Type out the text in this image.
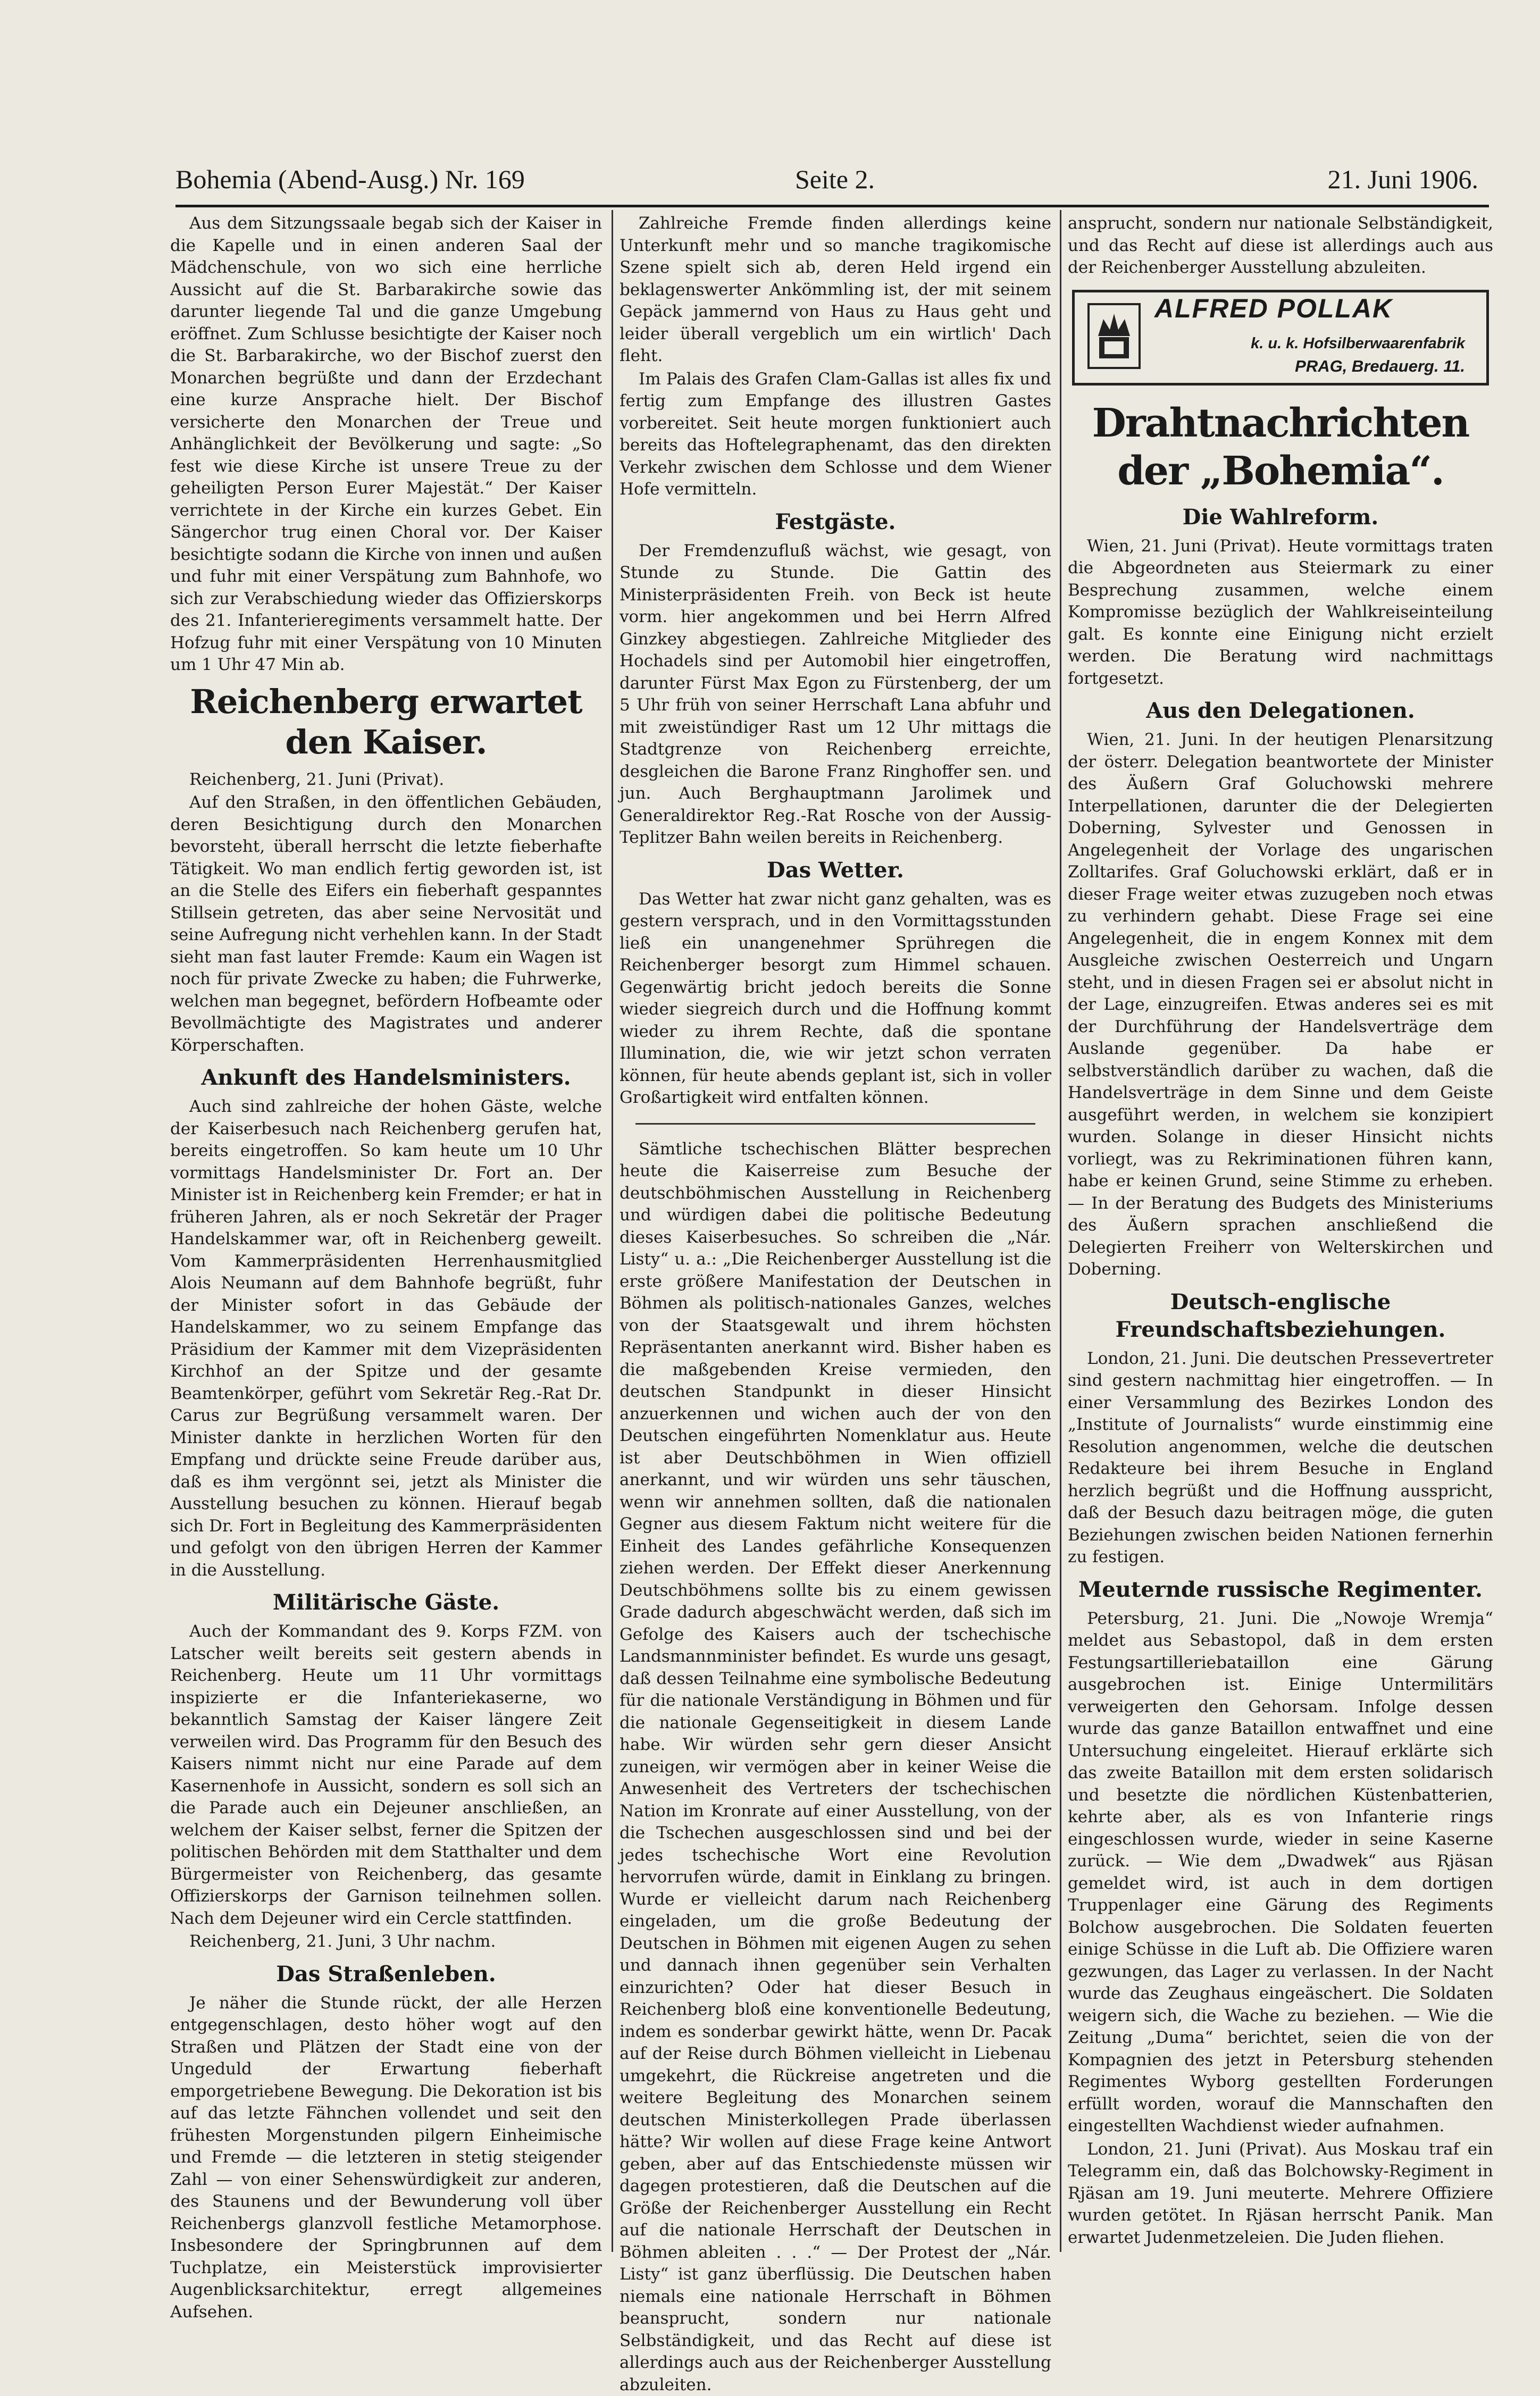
Bohemia (Abend-Ausg.) Nr. 169	Seite 2.	21. Juni 1906.

Aus dem Sitzungssaale begab sich der Kaiser in die Kapelle und in einen anderen Saal der Mädchenschule, von wo sich eine herrliche Aussicht auf die St. Barbarakirche sowie das darunter liegende Tal und die ganze Umgebung eröffnet. Zum Schlusse besichtigte der Kaiser noch die St. Barbarakirche, wo der Bischof zuerst den Monarchen begrüßte und dann der Erzdechant eine kurze Ansprache hielt. Der Bischof versicherte den Monarchen der Treue und Anhänglichkeit der Bevölkerung und sagte: „So fest wie diese Kirche ist unsere Treue zu der geheiligten Person Eurer Majestät.“ Der Kaiser verrichtete in der Kirche ein kurzes Gebet. Ein Sängerchor trug einen Choral vor. Der Kaiser besichtigte sodann die Kirche von innen und außen und fuhr mit einer Verspätung zum Bahnhofe, wo sich zur Verabschiedung wieder das Offizierskorps des 21. Infanterieregiments versammelt hatte. Der Hofzug fuhr mit einer Verspätung von 10 Minuten um 1 Uhr 47 Min ab.

Reichenberg erwartet den Kaiser.

Reichenberg, 21. Juni (Privat).

Auf den Straßen, in den öffentlichen Gebäuden, deren Besichtigung durch den Monarchen bevorsteht, überall herrscht die letzte fieberhafte Tätigkeit. Wo man endlich fertig geworden ist, ist an die Stelle des Eifers ein fieberhaft gespanntes Stillsein getreten, das aber seine Nervosität und seine Aufregung nicht verhehlen kann. In der Stadt sieht man fast lauter Fremde: Kaum ein Wagen ist noch für private Zwecke zu haben; die Fuhrwerke, welchen man begegnet, befördern Hofbeamte oder Bevollmächtigte des Magistrates und anderer Körperschaften.

Ankunft des Handelsministers.

Auch sind zahlreiche der hohen Gäste, welche der Kaiserbesuch nach Reichenberg gerufen hat, bereits eingetroffen. So kam heute um 10 Uhr vormittags Handelsminister Dr. Fort an. Der Minister ist in Reichenberg kein Fremder; er hat in früheren Jahren, als er noch Sekretär der Prager Handelskammer war, oft in Reichenberg geweilt. Vom Kammerpräsidenten Herrenhausmitglied Alois Neumann auf dem Bahnhofe begrüßt, fuhr der Minister sofort in das Gebäude der Handelskammer, wo zu seinem Empfange das Präsidium der Kammer mit dem Vizepräsidenten Kirchhof an der Spitze und der gesamte Beamtenkörper, geführt vom Sekretär Reg.-Rat Dr. Carus zur Begrüßung versammelt waren. Der Minister dankte in herzlichen Worten für den Empfang und drückte seine Freude darüber aus, daß es ihm vergönnt sei, jetzt als Minister die Ausstellung besuchen zu können. Hierauf begab sich Dr. Fort in Begleitung des Kammerpräsidenten und gefolgt von den übrigen Herren der Kammer in die Ausstellung.

Militärische Gäste.

Auch der Kommandant des 9. Korps FZM. von Latscher weilt bereits seit gestern abends in Reichenberg. Heute um 11 Uhr vormittags inspizierte er die Infanteriekaserne, wo bekanntlich Samstag der Kaiser längere Zeit verweilen wird. Das Programm für den Besuch des Kaisers nimmt nicht nur eine Parade auf dem Kasernenhofe in Aussicht, sondern es soll sich an die Parade auch ein Dejeuner anschließen, an welchem der Kaiser selbst, ferner die Spitzen der politischen Behörden mit dem Statthalter und dem Bürgermeister von Reichenberg, das gesamte Offizierskorps der Garnison teilnehmen sollen. Nach dem Dejeuner wird ein Cercle stattfinden.

Reichenberg, 21. Juni, 3 Uhr nachm.

Das Straßenleben.

Je näher die Stunde rückt, der alle Herzen entgegenschlagen, desto höher wogt auf den Straßen und Plätzen der Stadt eine von der Ungeduld der Erwartung fieberhaft emporgetriebene Bewegung. Die Dekoration ist bis auf das letzte Fähnchen vollendet und seit den frühesten Morgenstunden pilgern Einheimische und Fremde — die letzteren in stetig steigender Zahl — von einer Sehenswürdigkeit zur anderen, des Staunens und der Bewunderung voll über Reichenbergs glanzvoll festliche Metamorphose. Insbesondere der Springbrunnen auf dem Tuchplatze, ein Meisterstück improvisierter Augenblicksarchitektur, erregt allgemeines Aufsehen.

Zahlreiche Fremde finden allerdings keine Unterkunft mehr und so manche tragikomische Szene spielt sich ab, deren Held irgend ein beklagenswerter Ankömmling ist, der mit seinem Gepäck jammernd von Haus zu Haus geht und leider überall vergeblich um ein wirtlich' Dach fleht.

Im Palais des Grafen Clam-Gallas ist alles fix und fertig zum Empfange des illustren Gastes vorbereitet. Seit heute morgen funktioniert auch bereits das Hoftelegraphenamt, das den direkten Verkehr zwischen dem Schlosse und dem Wiener Hofe vermitteln.

Festgäste.

Der Fremdenzufluß wächst, wie gesagt, von Stunde zu Stunde. Die Gattin des Ministerpräsidenten Freih. von Beck ist heute vorm. hier angekommen und bei Herrn Alfred Ginzkey abgestiegen. Zahlreiche Mitglieder des Hochadels sind per Automobil hier eingetroffen, darunter Fürst Max Egon zu Fürstenberg, der um 5 Uhr früh von seiner Herrschaft Lana abfuhr und mit zweistündiger Rast um 12 Uhr mittags die Stadtgrenze von Reichenberg erreichte, desgleichen die Barone Franz Ringhoffer sen. und jun. Auch Berghauptmann Jarolimek und Generaldirektor Reg.-Rat Rosche von der Aussig-Teplitzer Bahn weilen bereits in Reichenberg.

Das Wetter.

Das Wetter hat zwar nicht ganz gehalten, was es gestern versprach, und in den Vormittagsstunden ließ ein unangenehmer Sprühregen die Reichenberger besorgt zum Himmel schauen. Gegenwärtig bricht jedoch bereits die Sonne wieder siegreich durch und die Hoffnung kommt wieder zu ihrem Rechte, daß die spontane Illumination, die, wie wir jetzt schon verraten können, für heute abends geplant ist, sich in voller Großartigkeit wird entfalten können.

Sämtliche tschechischen Blätter besprechen heute die Kaiserreise zum Besuche der deutschböhmischen Ausstellung in Reichenberg und würdigen dabei die politische Bedeutung dieses Kaiserbesuches. So schreiben die „Nár. Listy“ u. a.: „Die Reichenberger Ausstellung ist die erste größere Manifestation der Deutschen in Böhmen als politisch-nationales Ganzes, welches von der Staatsgewalt und ihrem höchsten Repräsentanten anerkannt wird. Bisher haben es die maßgebenden Kreise vermieden, den deutschen Standpunkt in dieser Hinsicht anzuerkennen und wichen auch der von den Deutschen eingeführten Nomenklatur aus. Heute ist aber Deutschböhmen in Wien offiziell anerkannt, und wir würden uns sehr täuschen, wenn wir annehmen sollten, daß die nationalen Gegner aus diesem Faktum nicht weitere für die Einheit des Landes gefährliche Konsequenzen ziehen werden. Der Effekt dieser Anerkennung Deutschböhmens sollte bis zu einem gewissen Grade dadurch abgeschwächt werden, daß sich im Gefolge des Kaisers auch der tschechische Landsmannminister befindet. Es wurde uns gesagt, daß dessen Teilnahme eine symbolische Bedeutung für die nationale Verständigung in Böhmen und für die nationale Gegenseitigkeit in diesem Lande habe. Wir würden sehr gern dieser Ansicht zuneigen, wir vermögen aber in keiner Weise die Anwesenheit des Vertreters der tschechischen Nation im Kronrate auf einer Ausstellung, von der die Tschechen ausgeschlossen sind und bei der jedes tschechische Wort eine Revolution hervorrufen würde, damit in Einklang zu bringen. Wurde er vielleicht darum nach Reichenberg eingeladen, um die große Bedeutung der Deutschen in Böhmen mit eigenen Augen zu sehen und dannach ihnen gegenüber sein Verhalten einzurichten? Oder hat dieser Besuch in Reichenberg bloß eine konventionelle Bedeutung, indem es sonderbar gewirkt hätte, wenn Dr. Pacak auf der Reise durch Böhmen vielleicht in Liebenau umgekehrt, die Rückreise angetreten und die weitere Begleitung des Monarchen seinem deutschen Ministerkollegen Prade überlassen hätte? Wir wollen auf diese Frage keine Antwort geben, aber auf das Entschiedenste müssen wir dagegen protestieren, daß die Deutschen auf die Größe der Reichenberger Ausstellung ein Recht auf die nationale Herrschaft der Deutschen in Böhmen ableiten . . .“ — Der Protest der „Nár. Listy“ ist ganz überflüssig. Die Deutschen haben niemals eine nationale Herrschaft in Böhmen beansprucht, sondern nur nationale Selbständigkeit, und das Recht auf diese ist allerdings auch aus der Reichenberger Ausstellung abzuleiten.

ansprucht, sondern nur nationale Selbständigkeit, und das Recht auf diese ist allerdings auch aus der Reichenberger Ausstellung abzuleiten.

ALFRED POLLAK
k. u. k. Hofsilberwaarenfabrik
PRAG, Bredauerg. 11.
Drahtnachrichten der „Bohemia“.
Die Wahlreform.

Wien, 21. Juni (Privat). Heute vormittags traten die Abgeordneten aus Steiermark zu einer Besprechung zusammen, welche einem Kompromisse bezüglich der Wahlkreiseinteilung galt. Es konnte eine Einigung nicht erzielt werden. Die Beratung wird nachmittags fortgesetzt.

Aus den Delegationen.

Wien, 21. Juni. In der heutigen Plenarsitzung der österr. Delegation beantwortete der Minister des Äußern Graf Goluchowski mehrere Interpellationen, darunter die der Delegierten Doberning, Sylvester und Genossen in Angelegenheit der Vorlage des ungarischen Zolltarifes. Graf Goluchowski erklärt, daß er in dieser Frage weiter etwas zuzugeben noch etwas zu verhindern gehabt. Diese Frage sei eine Angelegenheit, die in engem Konnex mit dem Ausgleiche zwischen Oesterreich und Ungarn steht, und in diesen Fragen sei er absolut nicht in der Lage, einzugreifen. Etwas anderes sei es mit der Durchführung der Handelsverträge dem Auslande gegenüber. Da habe er selbstverständlich darüber zu wachen, daß die Handelsverträge in dem Sinne und dem Geiste ausgeführt werden, in welchem sie konzipiert wurden. Solange in dieser Hinsicht nichts vorliegt, was zu Rekriminationen führen kann, habe er keinen Grund, seine Stimme zu erheben. — In der Beratung des Budgets des Ministeriums des Äußern sprachen anschließend die Delegierten Freiherr von Welterskirchen und Doberning.

Deutsch-englische Freundschaftsbeziehungen.

London, 21. Juni. Die deutschen Pressevertreter sind gestern nachmittag hier eingetroffen. — In einer Versammlung des Bezirkes London des „Institute of Journalists“ wurde einstimmig eine Resolution angenommen, welche die deutschen Redakteure bei ihrem Besuche in England herzlich begrüßt und die Hoffnung ausspricht, daß der Besuch dazu beitragen möge, die guten Beziehungen zwischen beiden Nationen fernerhin zu festigen.

Meuternde russische Regimenter.

Petersburg, 21. Juni. Die „Nowoje Wremja“ meldet aus Sebastopol, daß in dem ersten Festungsartilleriebataillon eine Gärung ausgebrochen ist. Einige Untermilitärs verweigerten den Gehorsam. Infolge dessen wurde das ganze Bataillon entwaffnet und eine Untersuchung eingeleitet. Hierauf erklärte sich das zweite Bataillon mit dem ersten solidarisch und besetzte die nördlichen Küstenbatterien, kehrte aber, als es von Infanterie rings eingeschlossen wurde, wieder in seine Kaserne zurück. — Wie dem „Dwadwek“ aus Rjäsan gemeldet wird, ist auch in dem dortigen Truppenlager eine Gärung des Regiments Bolchow ausgebrochen. Die Soldaten feuerten einige Schüsse in die Luft ab. Die Offiziere waren gezwungen, das Lager zu verlassen. In der Nacht wurde das Zeughaus eingeäschert. Die Soldaten weigern sich, die Wache zu beziehen. — Wie die Zeitung „Duma“ berichtet, seien die von der Kompagnien des jetzt in Petersburg stehenden Regimentes Wyborg gestellten Forderungen erfüllt worden, worauf die Mannschaften den eingestellten Wachdienst wieder aufnahmen.

London, 21. Juni (Privat). Aus Moskau traf ein Telegramm ein, daß das Bolchowsky-Regiment in Rjäsan am 19. Juni meuterte. Mehrere Offiziere wurden getötet. In Rjäsan herrscht Panik. Man erwartet Judenmetzeleien. Die Juden fliehen.
